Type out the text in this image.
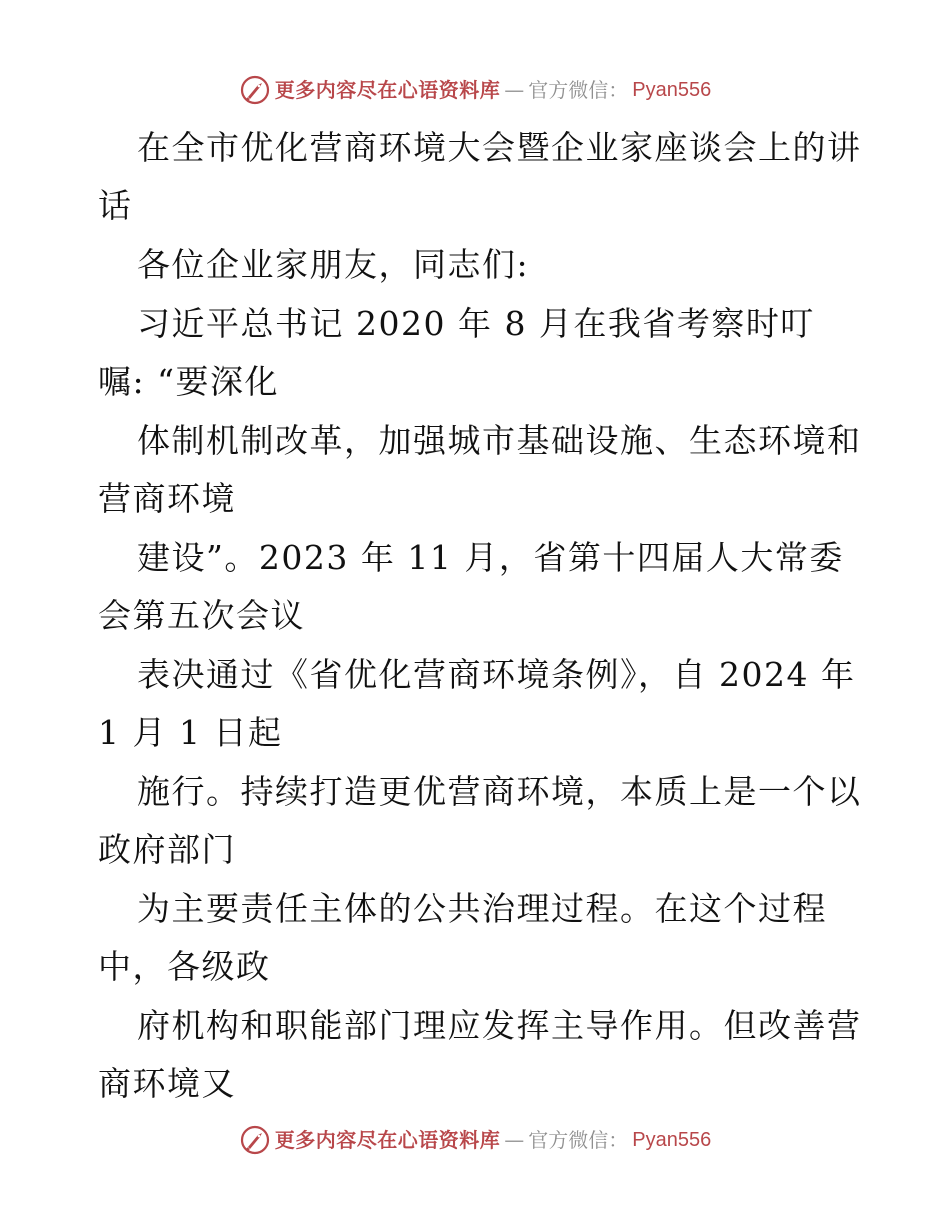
更多内容尽在心语资料库 — 官方微信： Pyan556
在全市优化营商环境大会暨企业家座谈会上的讲
话
各位企业家朋友，同志们:
习近平总书记 2020 年 8 月在我省考察时叮
嘱: “要深化
体制机制改革，加强城市基础设施、生态环境和
营商环境
建设”。2023 年 11 月，省第十四届人大常委
会第五次会议
表决通过《省优化营商环境条例》，自 2024 年
1 月 1 日起
施行。持续打造更优营商环境，本质上是一个以
政府部门
为主要责任主体的公共治理过程。在这个过程
中，各级政
府机构和职能部门理应发挥主导作用。但改善营
商环境又
更多内容尽在心语资料库 — 官方微信： Pyan556
